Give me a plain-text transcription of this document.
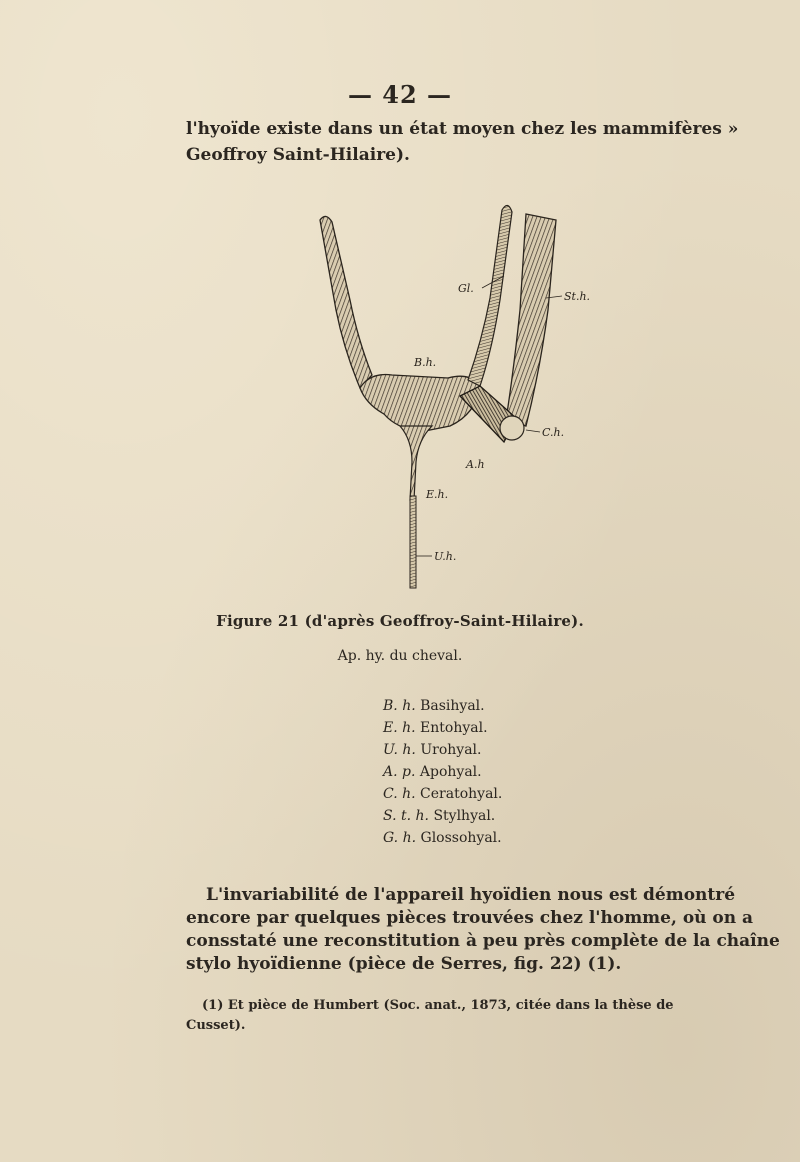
— 42 —
l'hyoïde existe dans un état moyen chez les mammifères »
Geoffroy Saint-Hilaire).
Gl.
St.h.
B.h.
C.h.
A.h
E.h.
U.h.
Figure 21 (d'après Geoffroy-Saint-Hilaire).
Ap. hy. du cheval.
B. h. Basihyal.
E. h. Entohyal.
U. h. Urohyal.
A. p. Apohyal.
C. h. Ceratohyal.
S. t. h. Stylhyal.
G. h. Glossohyal.
L'invariabilité de l'appareil hyoïdien nous est démontré
encore par quelques pièces trouvées chez l'homme, où on a
consstaté une reconstitution à peu près complète de la chaîne
stylo hyoïdienne (pièce de Serres, fig. 22) (1).
(1) Et pièce de Humbert (Soc. anat., 1873, citée dans la thèse de
Cusset).
